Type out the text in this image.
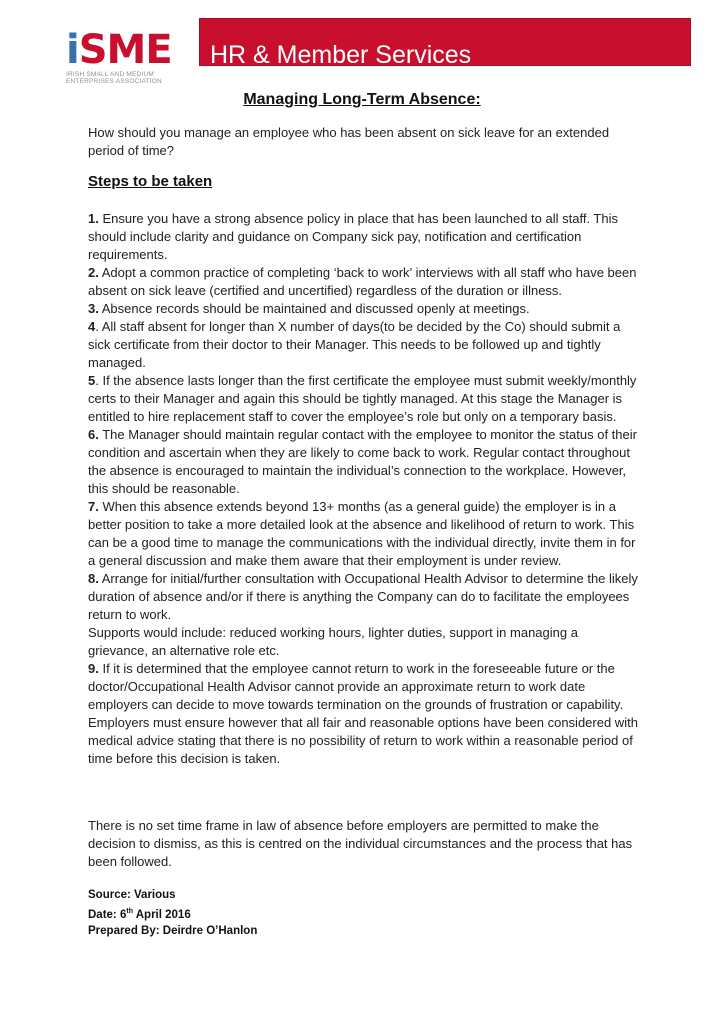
iSME
IRISH SMALL AND MEDIUM ENTERPRISES ASSOCIATION
HR & Member Services
Managing Long-Term Absence:
How should you manage an employee who has been absent on sick leave for an extended period of time?
Steps to be taken

1. Ensure you have a strong absence policy in place that has been launched to all staff. This should include clarity and guidance on Company sick pay, notification and certification requirements.

2. Adopt a common practice of completing ‘back to work’ interviews with all staff who have been absent on sick leave (certified and uncertified) regardless of the duration or illness.

3. Absence records should be maintained and discussed openly at meetings.

4. All staff absent for longer than X number of days(to be decided by the Co) should submit a sick certificate from their doctor to their Manager. This needs to be followed up and tightly managed.

5. If the absence lasts longer than the first certificate the employee must submit weekly/monthly certs to their Manager and again this should be tightly managed. At this stage the Manager is entitled to hire replacement staff to cover the employee’s role but only on a temporary basis.

6. The Manager should maintain regular contact with the employee to monitor the status of their condition and ascertain when they are likely to come back to work. Regular contact throughout the absence is encouraged to maintain the individual’s connection to the workplace. However, this should be reasonable.

7. When this absence extends beyond 13+ months (as a general guide) the employer is in a better position to take a more detailed look at the absence and likelihood of return to work. This can be a good time to manage the communications with the individual directly, invite them in for a general discussion and make them aware that their employment is under review.

8. Arrange for initial/further consultation with Occupational Health Advisor to determine the likely duration of absence and/or if there is anything the Company can do to facilitate the employees return to work.

Supports would include: reduced working hours, lighter duties, support in managing a grievance, an alternative role etc.

9. If it is determined that the employee cannot return to work in the foreseeable future or the doctor/Occupational Health Advisor cannot provide an approximate return to work date employers can decide to move towards termination on the grounds of frustration or capability. Employers must ensure however that all fair and reasonable options have been considered with medical advice stating that there is no possibility of return to work within a reasonable period of time before this decision is taken.

There is no set time frame in law of absence before employers are permitted to make the decision to dismiss, as this is centred on the individual circumstances and the process that has been followed.
Source: Various
Date: 6th April 2016
Prepared By: Deirdre O’Hanlon
